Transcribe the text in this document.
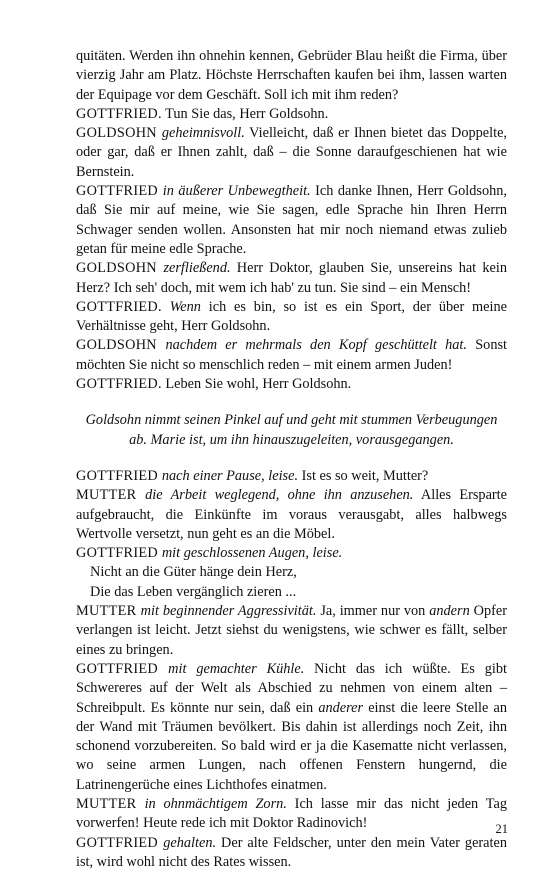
quitäten. Werden ihn ohnehin kennen, Gebrüder Blau heißt die Firma, über vierzig Jahr am Platz. Höchste Herrschaften kaufen bei ihm, lassen warten der Equipage vor dem Geschäft. Soll ich mit ihm reden?

GOTTFRIED. Tun Sie das, Herr Goldsohn.

GOLDSOHN geheimnisvoll. Vielleicht, daß er Ihnen bietet das Doppelte, oder gar, daß er Ihnen zahlt, daß – die Sonne daraufgeschienen hat wie Bernstein.

GOTTFRIED in äußerer Unbewegtheit. Ich danke Ihnen, Herr Goldsohn, daß Sie mir auf meine, wie Sie sagen, edle Sprache hin Ihren Herrn Schwager senden wollen. Ansonsten hat mir noch niemand etwas zulieb getan für meine edle Sprache.

GOLDSOHN zerfließend. Herr Doktor, glauben Sie, unsereins hat kein Herz? Ich seh' doch, mit wem ich hab' zu tun. Sie sind – ein Mensch!

GOTTFRIED. Wenn ich es bin, so ist es ein Sport, der über meine Verhältnisse geht, Herr Goldsohn.

GOLDSOHN nachdem er mehrmals den Kopf geschüttelt hat. Sonst möchten Sie nicht so menschlich reden – mit einem armen Juden!

GOTTFRIED. Leben Sie wohl, Herr Goldsohn.

Goldsohn nimmt seinen Pinkel auf und geht mit stummen Verbeugungen ab. Marie ist, um ihn hinauszugeleiten, vorausgegangen.

GOTTFRIED nach einer Pause, leise. Ist es so weit, Mutter?

MUTTER die Arbeit weglegend, ohne ihn anzusehen. Alles Ersparte aufgebraucht, die Einkünfte im voraus verausgabt, alles halbwegs Wertvolle versetzt, nun geht es an die Möbel.

GOTTFRIED mit geschlossenen Augen, leise.

Nicht an die Güter hänge dein Herz,

Die das Leben vergänglich zieren ...

MUTTER mit beginnender Aggressivität. Ja, immer nur von andern Opfer verlangen ist leicht. Jetzt siehst du wenigstens, wie schwer es fällt, selber eines zu bringen.

GOTTFRIED mit gemachter Kühle. Nicht das ich wüßte. Es gibt Schwereres auf der Welt als Abschied zu nehmen von einem alten – Schreibpult. Es könnte nur sein, daß ein anderer einst die leere Stelle an der Wand mit Träumen bevölkert. Bis dahin ist allerdings noch Zeit, ihn schonend vorzubereiten. So bald wird er ja die Kasematte nicht verlassen, wo seine armen Lungen, nach offenen Fenstern hungernd, die Latrinengerüche eines Lichthofes einatmen.

MUTTER in ohnmächtigem Zorn. Ich lasse mir das nicht jeden Tag vorwerfen! Heute rede ich mit Doktor Radinovich!

GOTTFRIED gehalten. Der alte Feldscher, unter den mein Vater geraten ist, wird wohl nicht des Rates wissen.

21
